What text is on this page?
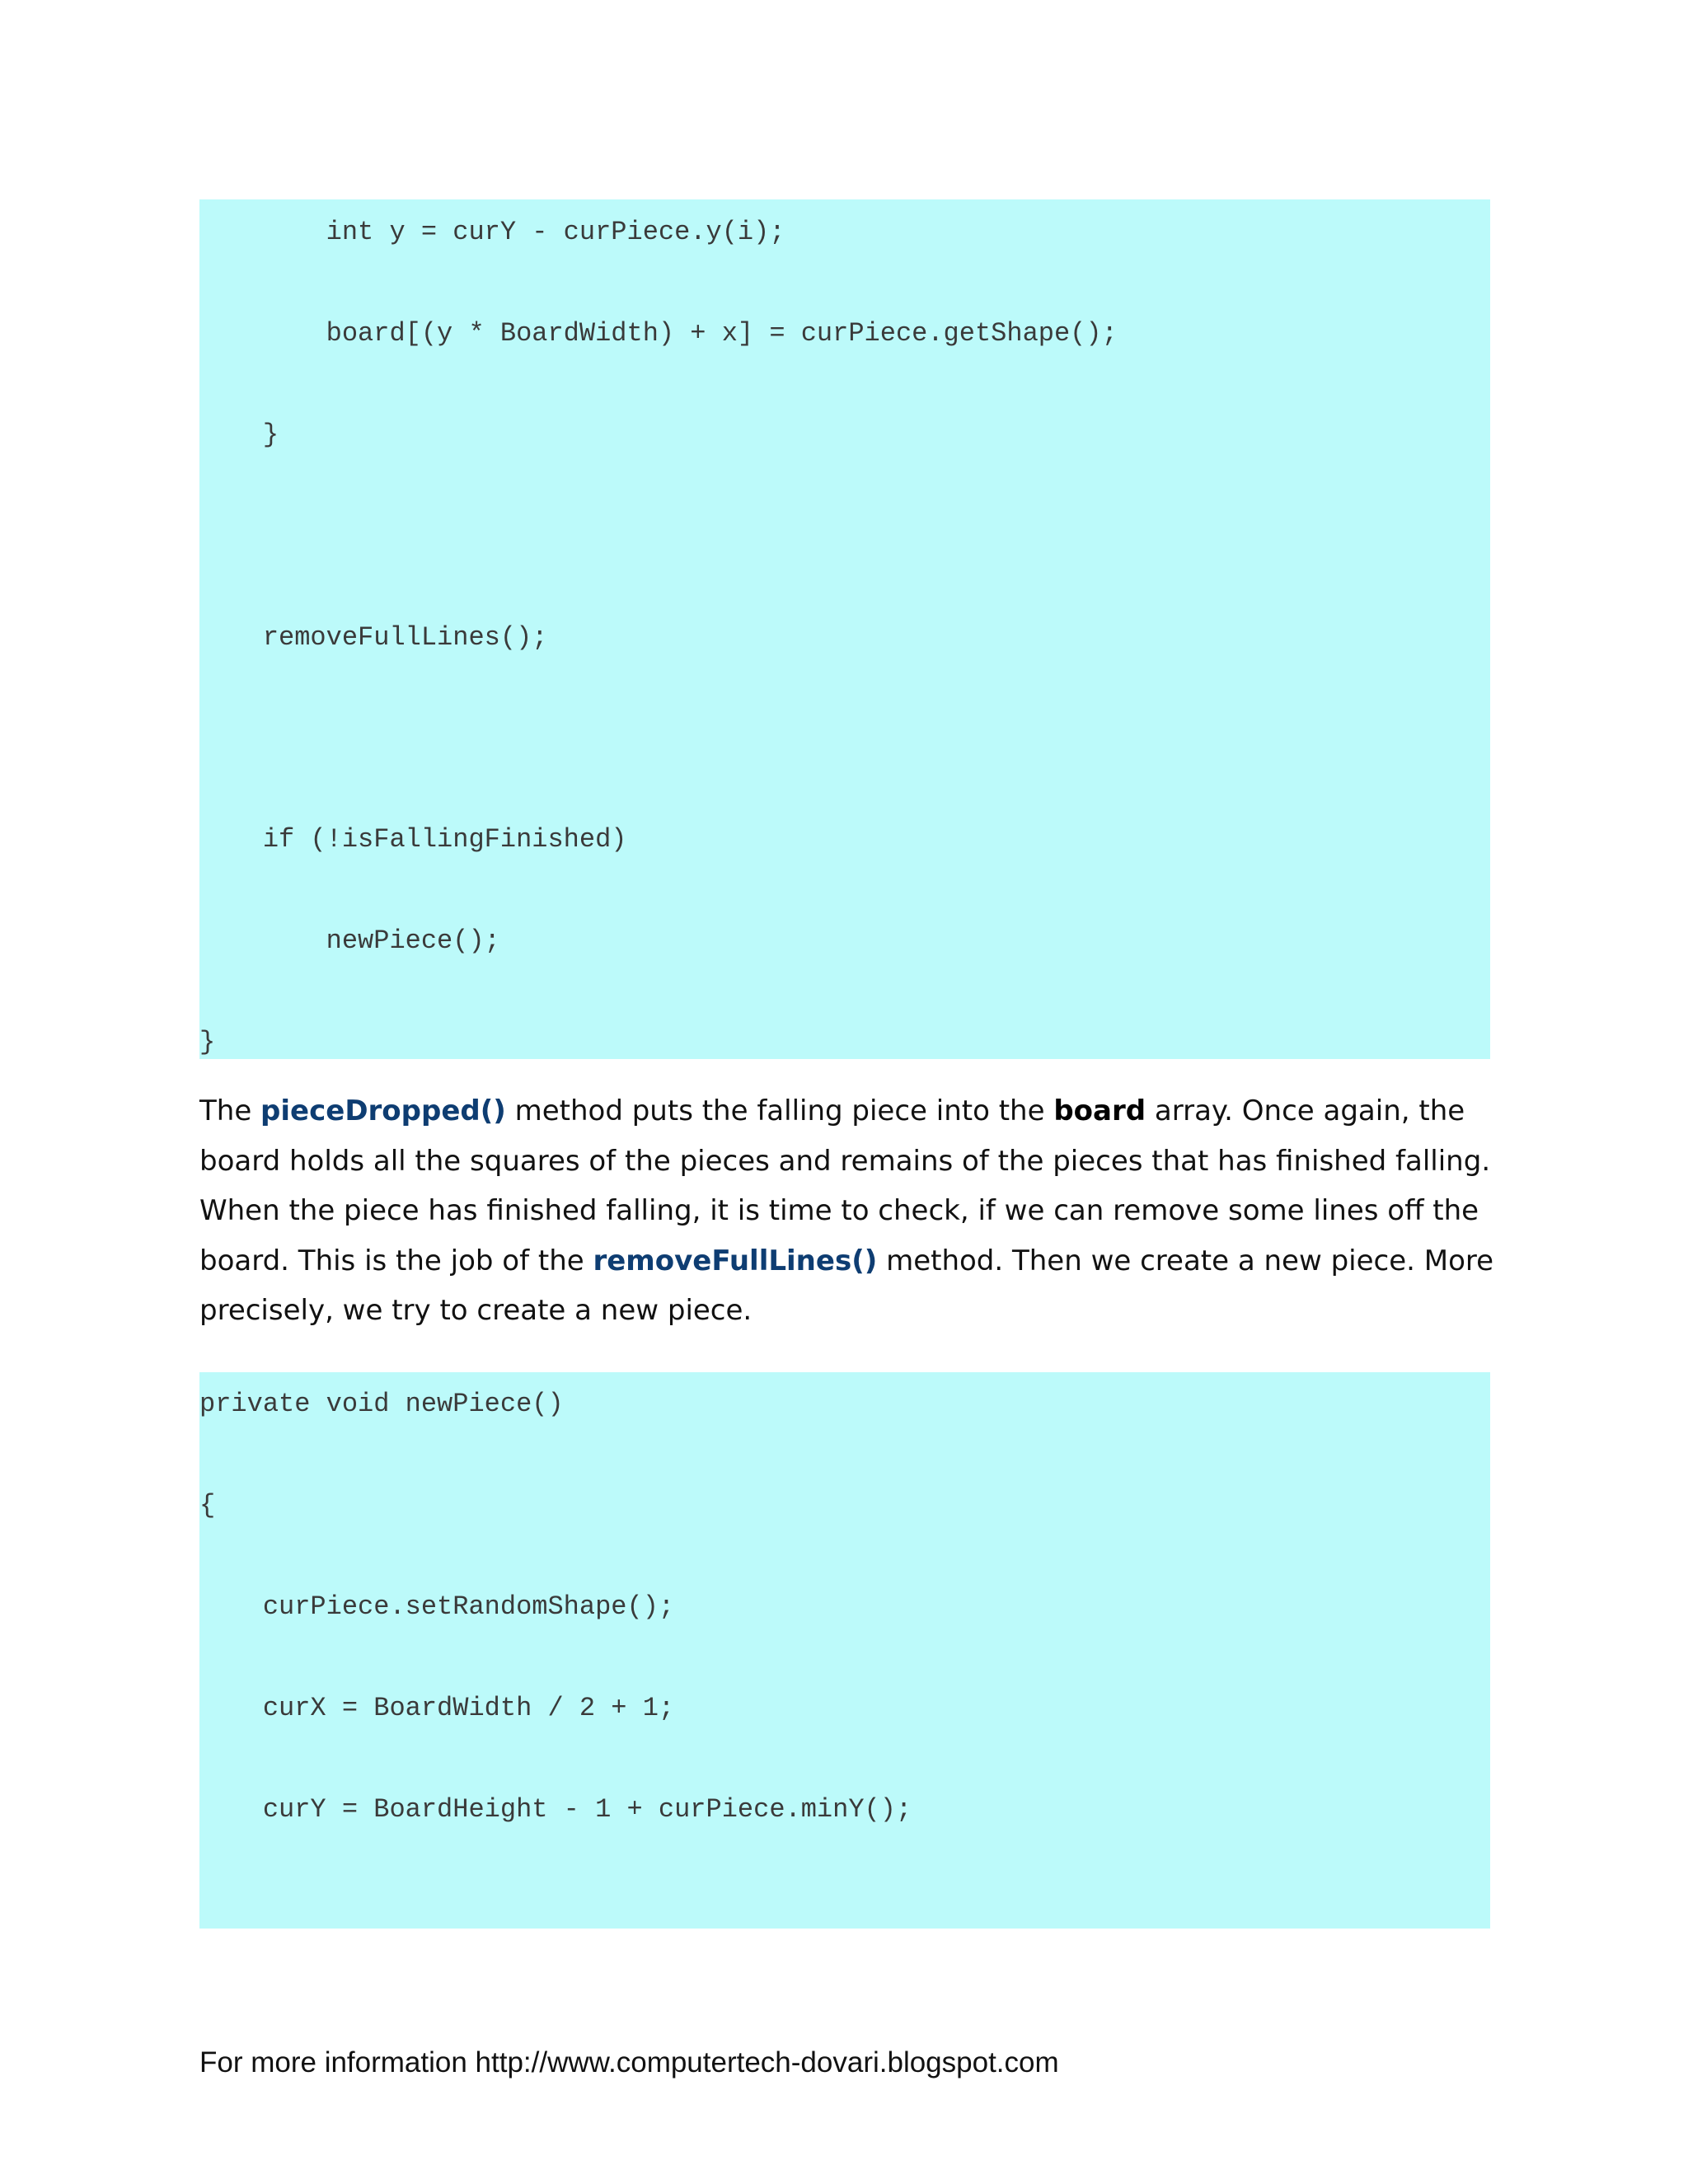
int y = curY - curPiece.y(i);
board[(y * BoardWidth) + x] = curPiece.getShape();
}
removeFullLines();
if (!isFallingFinished)
newPiece();
}
The pieceDropped() method puts the falling piece into the board array. Once again, the board holds all the squares of the pieces and remains of the pieces that has finished falling. When the piece has finished falling, it is time to check, if we can remove some lines off the board. This is the job of the removeFullLines() method. Then we create a new piece. More precisely, we try to create a new piece.
private void newPiece()
{
curPiece.setRandomShape();
curX = BoardWidth / 2 + 1;
curY = BoardHeight - 1 + curPiece.minY();
For more information http://www.computertech-dovari.blogspot.com
